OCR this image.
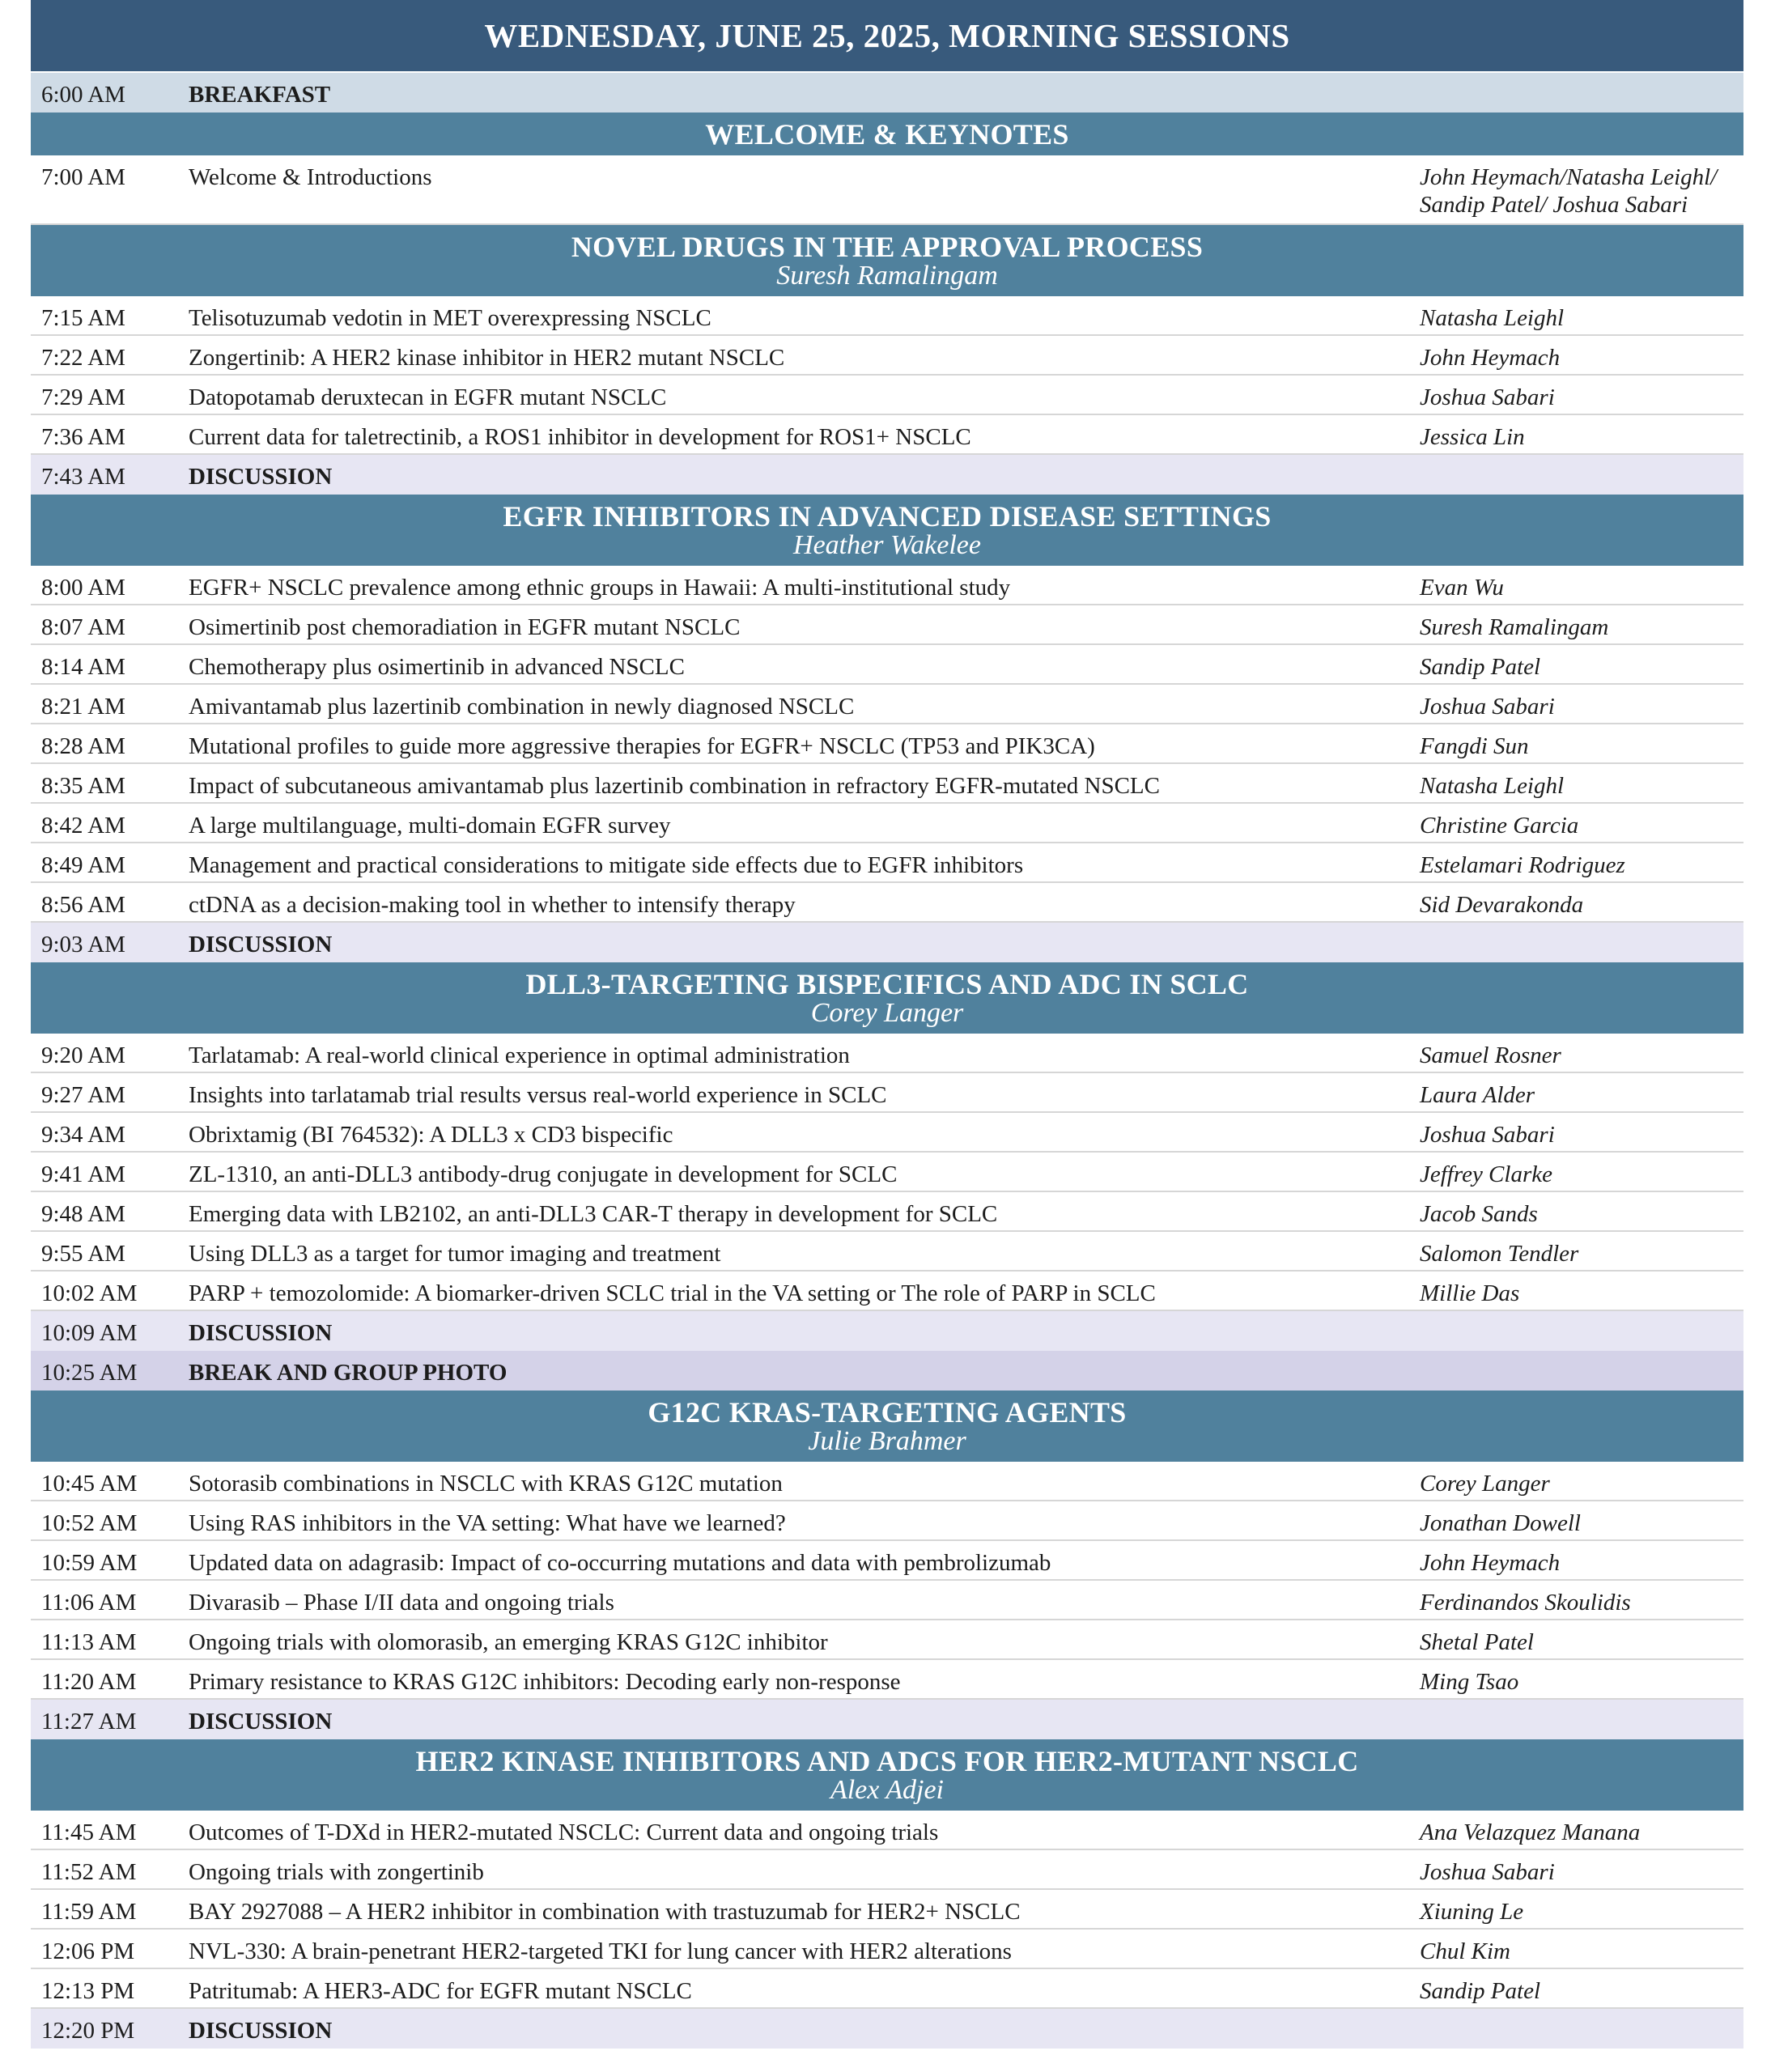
WEDNESDAY, JUNE 25, 2025, MORNING SESSIONS
6:00 AM	BREAKFAST
WELCOME & KEYNOTES
7:00 AM	Welcome & Introductions	John Heymach/Natasha Leighl/ Sandip Patel/ Joshua Sabari
NOVEL DRUGS IN THE APPROVAL PROCESS
Suresh Ramalingam
7:15 AM	Telisotuzumab vedotin in MET overexpressing NSCLC	Natasha Leighl
7:22 AM	Zongertinib: A HER2 kinase inhibitor in HER2 mutant NSCLC	John Heymach
7:29 AM	Datopotamab deruxtecan in EGFR mutant NSCLC	Joshua Sabari
7:36 AM	Current data for taletrectinib, a ROS1 inhibitor in development for ROS1+ NSCLC	Jessica Lin
7:43 AM	DISCUSSION
EGFR INHIBITORS IN ADVANCED DISEASE SETTINGS
Heather Wakelee
8:00 AM	EGFR+ NSCLC prevalence among ethnic groups in Hawaii: A multi-institutional study	Evan Wu
8:07 AM	Osimertinib post chemoradiation in EGFR mutant NSCLC	Suresh Ramalingam
8:14 AM	Chemotherapy plus osimertinib in advanced NSCLC	Sandip Patel
8:21 AM	Amivantamab plus lazertinib combination in newly diagnosed NSCLC	Joshua Sabari
8:28 AM	Mutational profiles to guide more aggressive therapies for EGFR+ NSCLC (TP53 and PIK3CA)	Fangdi Sun
8:35 AM	Impact of subcutaneous amivantamab plus lazertinib combination in refractory EGFR-mutated NSCLC	Natasha Leighl
8:42 AM	A large multilanguage, multi-domain EGFR survey	Christine Garcia
8:49 AM	Management and practical considerations to mitigate side effects due to EGFR inhibitors	Estelamari Rodriguez
8:56 AM	ctDNA as a decision-making tool in whether to intensify therapy	Sid Devarakonda
9:03 AM	DISCUSSION
DLL3-TARGETING BISPECIFICS AND ADC IN SCLC
Corey Langer
9:20 AM	Tarlatamab: A real-world clinical experience in optimal administration	Samuel Rosner
9:27 AM	Insights into tarlatamab trial results versus real-world experience in SCLC	Laura Alder
9:34 AM	Obrixtamig (BI 764532): A DLL3 x CD3 bispecific	Joshua Sabari
9:41 AM	ZL-1310, an anti-DLL3 antibody-drug conjugate in development for SCLC	Jeffrey Clarke
9:48 AM	Emerging data with LB2102, an anti-DLL3 CAR-T therapy in development for SCLC	Jacob Sands
9:55 AM	Using DLL3 as a target for tumor imaging and treatment	Salomon Tendler
10:02 AM PARP + temozolomide: A biomarker-driven SCLC trial in the VA setting or The role of PARP in SCLC	Millie Das
10:09 AM DISCUSSION
10:25 AM BREAK AND GROUP PHOTO
G12C KRAS-TARGETING AGENTS
Julie Brahmer
10:45 AM Sotorasib combinations in NSCLC with KRAS G12C mutation	Corey Langer
10:52 AM Using RAS inhibitors in the VA setting: What have we learned?	Jonathan Dowell
10:59 AM Updated data on adagrasib: Impact of co-occurring mutations and data with pembrolizumab	John Heymach
11:06 AM Divarasib – Phase I/II data and ongoing trials	Ferdinandos Skoulidis
11:13 AM Ongoing trials with olomorasib, an emerging KRAS G12C inhibitor	Shetal Patel
11:20 AM Primary resistance to KRAS G12C inhibitors: Decoding early non-response	Ming Tsao
11:27 AM DISCUSSION
HER2 KINASE INHIBITORS AND ADCS FOR HER2-MUTANT NSCLC
Alex Adjei
11:45 AM Outcomes of T-DXd in HER2-mutated NSCLC: Current data and ongoing trials	Ana Velazquez Manana
11:52 AM Ongoing trials with zongertinib	Joshua Sabari
11:59 AM BAY 2927088 – A HER2 inhibitor in combination with trastuzumab for HER2+ NSCLC	Xiuning Le
12:06 PM NVL-330: A brain-penetrant HER2-targeted TKI for lung cancer with HER2 alterations	Chul Kim
12:13 PM Patritumab: A HER3-ADC for EGFR mutant NSCLC	Sandip Patel
12:20 PM DISCUSSION
